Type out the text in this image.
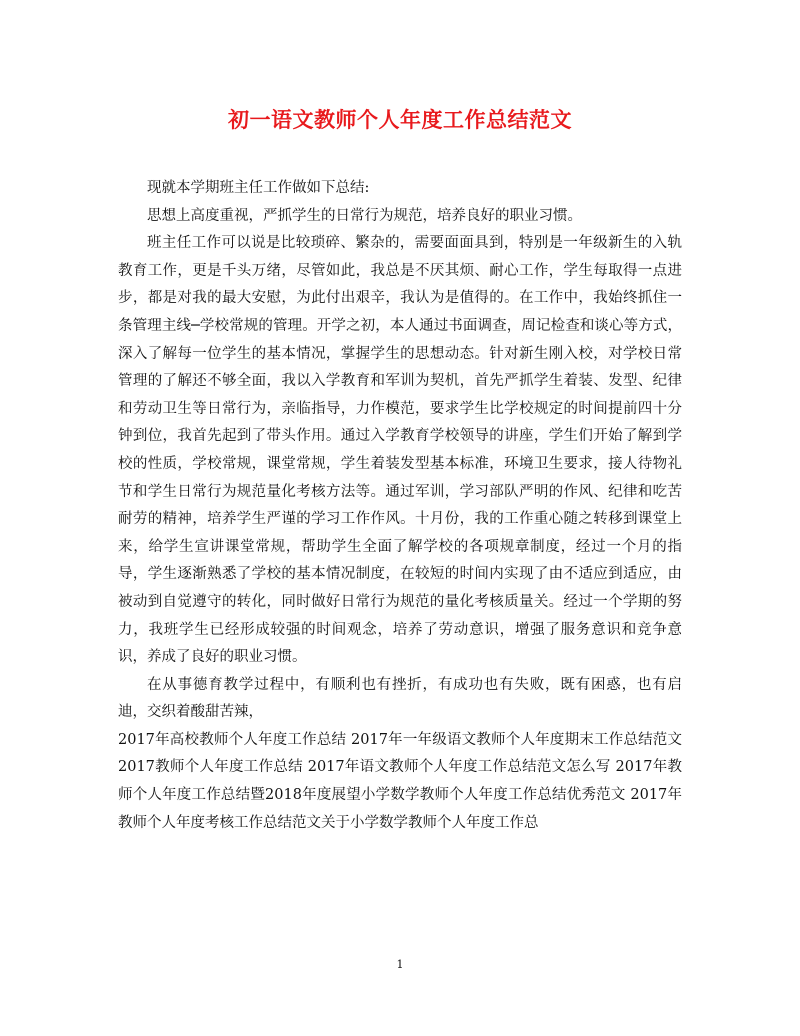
初一语文教师个人年度工作总结范文

现就本学期班主任工作做如下总结:

思想上高度重视，严抓学生的日常行为规范，培养良好的职业习惯。

班主任工作可以说是比较琐碎、繁杂的，需要面面具到，特别是一年级新生的入轨教育工作，更是千头万绪，尽管如此，我总是不厌其烦、耐心工作，学生每取得一点进步，都是对我的最大安慰，为此付出艰辛，我认为是值得的。在工作中，我始终抓住一条管理主线─学校常规的管理。开学之初，本人通过书面调查，周记检查和谈心等方式，深入了解每一位学生的基本情况，掌握学生的思想动态。针对新生刚入校，对学校日常管理的了解还不够全面，我以入学教育和军训为契机，首先严抓学生着装、发型、纪律和劳动卫生等日常行为，亲临指导，力作模范，要求学生比学校规定的时间提前四十分钟到位，我首先起到了带头作用。通过入学教育学校领导的讲座，学生们开始了解到学校的性质，学校常规，课堂常规，学生着装发型基本标准，环境卫生要求，接人待物礼节和学生日常行为规范量化考核方法等。通过军训，学习部队严明的作风、纪律和吃苦耐劳的精神，培养学生严谨的学习工作作风。十月份，我的工作重心随之转移到课堂上来，给学生宣讲课堂常规，帮助学生全面了解学校的各项规章制度，经过一个月的指导，学生逐渐熟悉了学校的基本情况制度，在较短的时间内实现了由不适应到适应，由被动到自觉遵守的转化，同时做好日常行为规范的量化考核质量关。经过一个学期的努力，我班学生已经形成较强的时间观念，培养了劳动意识，增强了服务意识和竞争意识，养成了良好的职业习惯。

在从事德育教学过程中，有顺利也有挫折，有成功也有失败，既有困惑，也有启迪，交织着酸甜苦辣，

2017年高校教师个人年度工作总结 2017年一年级语文教师个人年度期末工作总结范文 2017教师个人年度工作总结 2017年语文教师个人年度工作总结范文怎么写 2017年教师个人年度工作总结暨2018年度展望小学数学教师个人年度工作总结优秀范文 2017年教师个人年度考核工作总结范文关于小学数学教师个人年度工作总

1
